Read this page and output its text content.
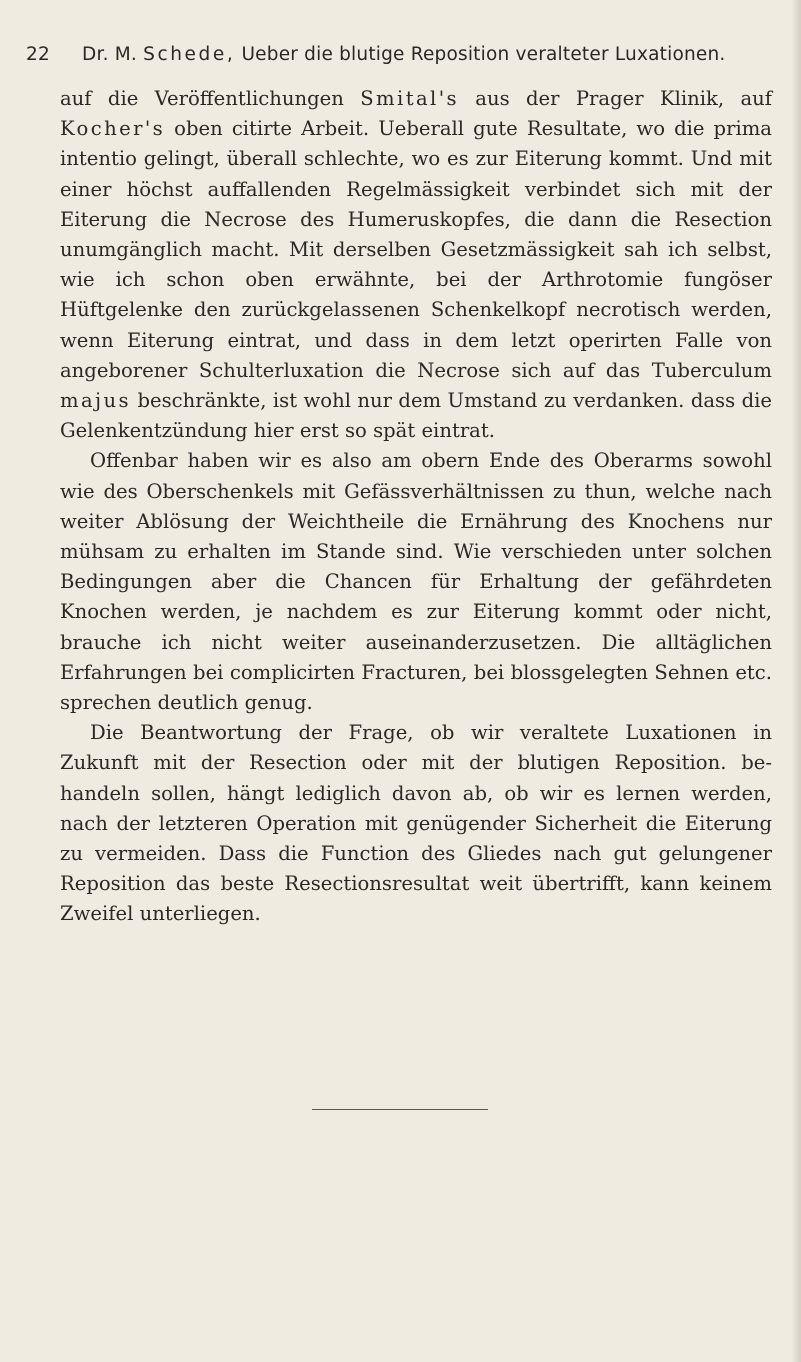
22 Dr. M. Schede, Ueber die blutige Reposition veralteter Luxationen.

auf die Veröffentlichungen Smital's aus der Prager Klinik, auf Kocher's oben citirte Arbeit. Ueberall gute Resultate, wo die prima intentio gelingt, überall schlechte, wo es zur Eiterung kommt. Und mit einer höchst auffallenden Regelmässigkeit verbindet sich mit der Eiterung die Necrose des Humeruskopfes, die dann die Resection unumgänglich macht. Mit derselben Gesetzmässigkeit sah ich selbst, wie ich schon oben erwähnte, bei der Arthrotomie fungöser Hüftgelenke den zurückgelassenen Schenkelkopf necrotisch werden, wenn Eiterung eintrat, und dass in dem letzt operirten Falle von angeborener Schulterluxation die Necrose sich auf das Tuberculum majus beschränkte, ist wohl nur dem Umstand zu verdanken. dass die Gelenkentzündung hier erst so spät eintrat.

Offenbar haben wir es also am obern Ende des Oberarms sowohl wie des Oberschenkels mit Gefässverhältnissen zu thun, welche nach weiter Ablösung der Weichtheile die Ernährung des Knochens nur mühsam zu erhalten im Stande sind. Wie verschieden unter solchen Bedingungen aber die Chancen für Erhaltung der gefährdeten Knochen werden, je nachdem es zur Eiterung kommt oder nicht, brauche ich nicht weiter auseinanderzusetzen. Die alltäglichen Erfahrungen bei complicirten Fracturen, bei blossgelegten Sehnen etc. sprechen deutlich genug.

Die Beantwortung der Frage, ob wir veraltete Luxationen in Zukunft mit der Resection oder mit der blutigen Reposition. be- handeln sollen, hängt lediglich davon ab, ob wir es lernen werden, nach der letzteren Operation mit genügender Sicherheit die Eiterung zu vermeiden. Dass die Function des Gliedes nach gut gelungener Reposition das beste Resectionsresultat weit übertrifft, kann keinem Zweifel unterliegen.
